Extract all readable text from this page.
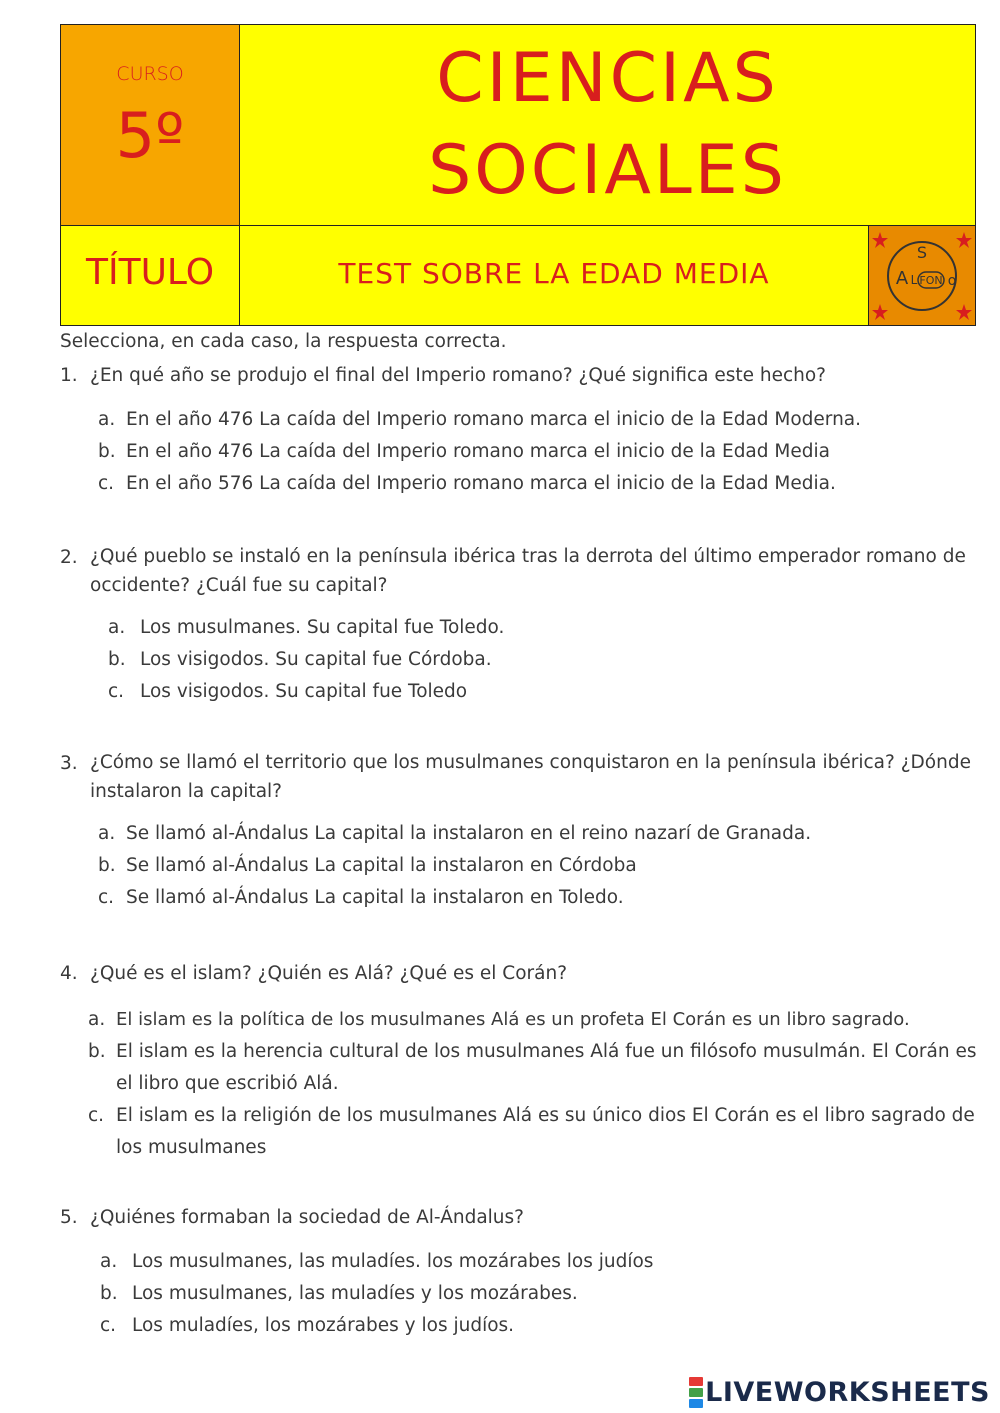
CURSO
5º
CIENCIAS
SOCIALES
TÍTULO	TEST SOBRE LA EDAD MEDIA
S
A L FON o
Selecciona, en cada caso, la respuesta correcta.
1. ¿En qué año se produjo el final del Imperio romano? ¿Qué significa este hecho?
a. En el año 476 La caída del Imperio romano marca el inicio de la Edad Moderna.
b. En el año 476 La caída del Imperio romano marca el inicio de la Edad Media
c. En el año 576 La caída del Imperio romano marca el inicio de la Edad Media.
2. ¿Qué pueblo se instaló en la península ibérica tras la derrota del último emperador romano de occidente? ¿Cuál fue su capital?
a. Los musulmanes. Su capital fue Toledo.
b. Los visigodos. Su capital fue Córdoba.
c. Los visigodos. Su capital fue Toledo
3. ¿Cómo se llamó el territorio que los musulmanes conquistaron en la península ibérica? ¿Dónde instalaron la capital?
a. Se llamó al-Ándalus La capital la instalaron en el reino nazarí de Granada.
b. Se llamó al-Ándalus La capital la instalaron en Córdoba
c. Se llamó al-Ándalus La capital la instalaron en Toledo.
4. ¿Qué es el islam? ¿Quién es Alá? ¿Qué es el Corán?
a. El islam es la política de los musulmanes Alá es un profeta El Corán es un libro sagrado.
b. El islam es la herencia cultural de los musulmanes Alá fue un filósofo musulmán. El Corán es el libro que escribió Alá.
c. El islam es la religión de los musulmanes Alá es su único dios El Corán es el libro sagrado de los musulmanes
5. ¿Quiénes formaban la sociedad de Al-Ándalus?
a. Los musulmanes, las muladíes. los mozárabes los judíos
b. Los musulmanes, las muladíes y los mozárabes.
c. Los muladíes, los mozárabes y los judíos.
LIVEWORKSHEETS
